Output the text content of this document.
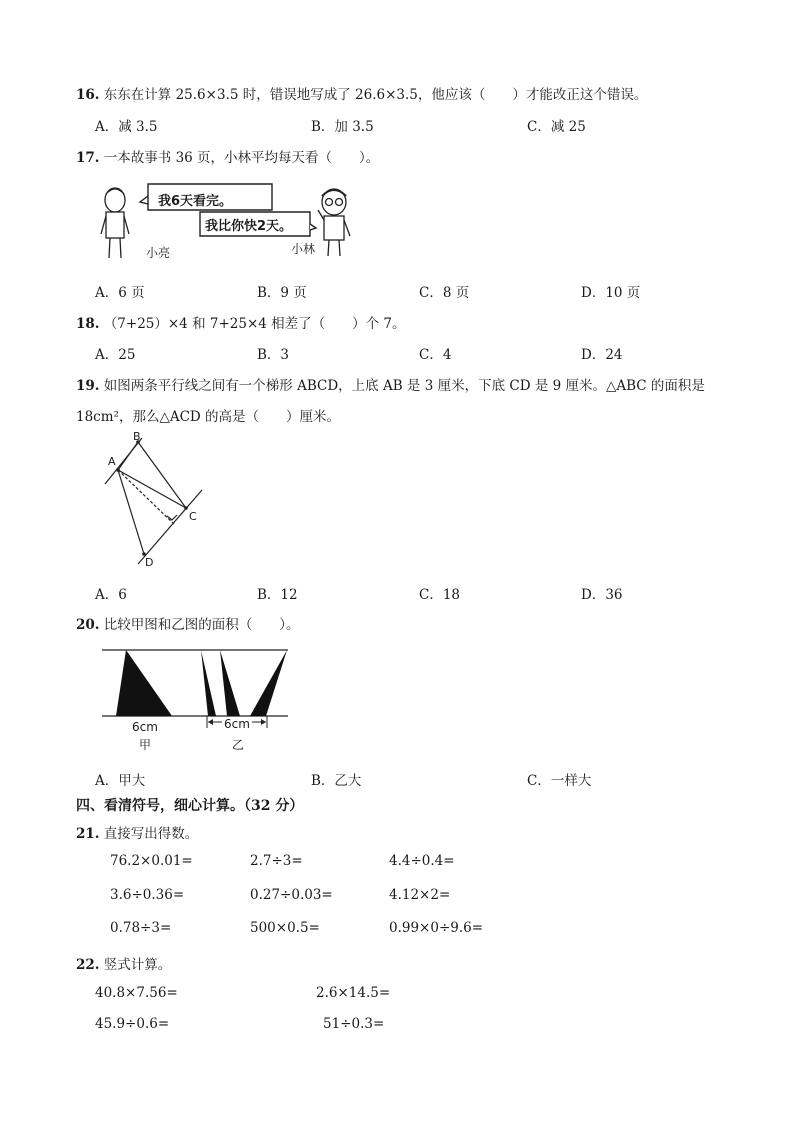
16. 东东在计算 25.6×3.5 时，错误地写成了 26.6×3.5，他应该（　　）才能改正这个错误。
A．减 3.5	B．加 3.5	C．减 25
17. 一本故事书 36 页，小林平均每天看（　　）。
我6天看完。
我比你快2天。
小亮	小林
A．6 页	B．9 页	C．8 页	D．10 页
18. （7+25）×4 和 7+25×4 相差了（　　）个 7。
A．25	B．3	C．4	D．24
19. 如图两条平行线之间有一个梯形 ABCD，上底 AB 是 3 厘米，下底 CD 是 9 厘米。△ABC 的面积是
18cm²，那么△ACD 的高是（　　）厘米。
B
A
C
D
A．6	B．12	C．18	D．36
20. 比较甲图和乙图的面积（　　）。
6cm	6cm
甲	乙
A．甲大	B．乙大	C．一样大
四、看清符号，细心计算。（32 分）
21. 直接写出得数。
76.2×0.01=	2.7÷3=	4.4÷0.4=
3.6÷0.36=	0.27÷0.03=	4.12×2=
0.78÷3=	500×0.5=	0.99×0÷9.6=
22. 竖式计算。
40.8×7.56=	2.6×14.5=
45.9÷0.6=	51÷0.3=
